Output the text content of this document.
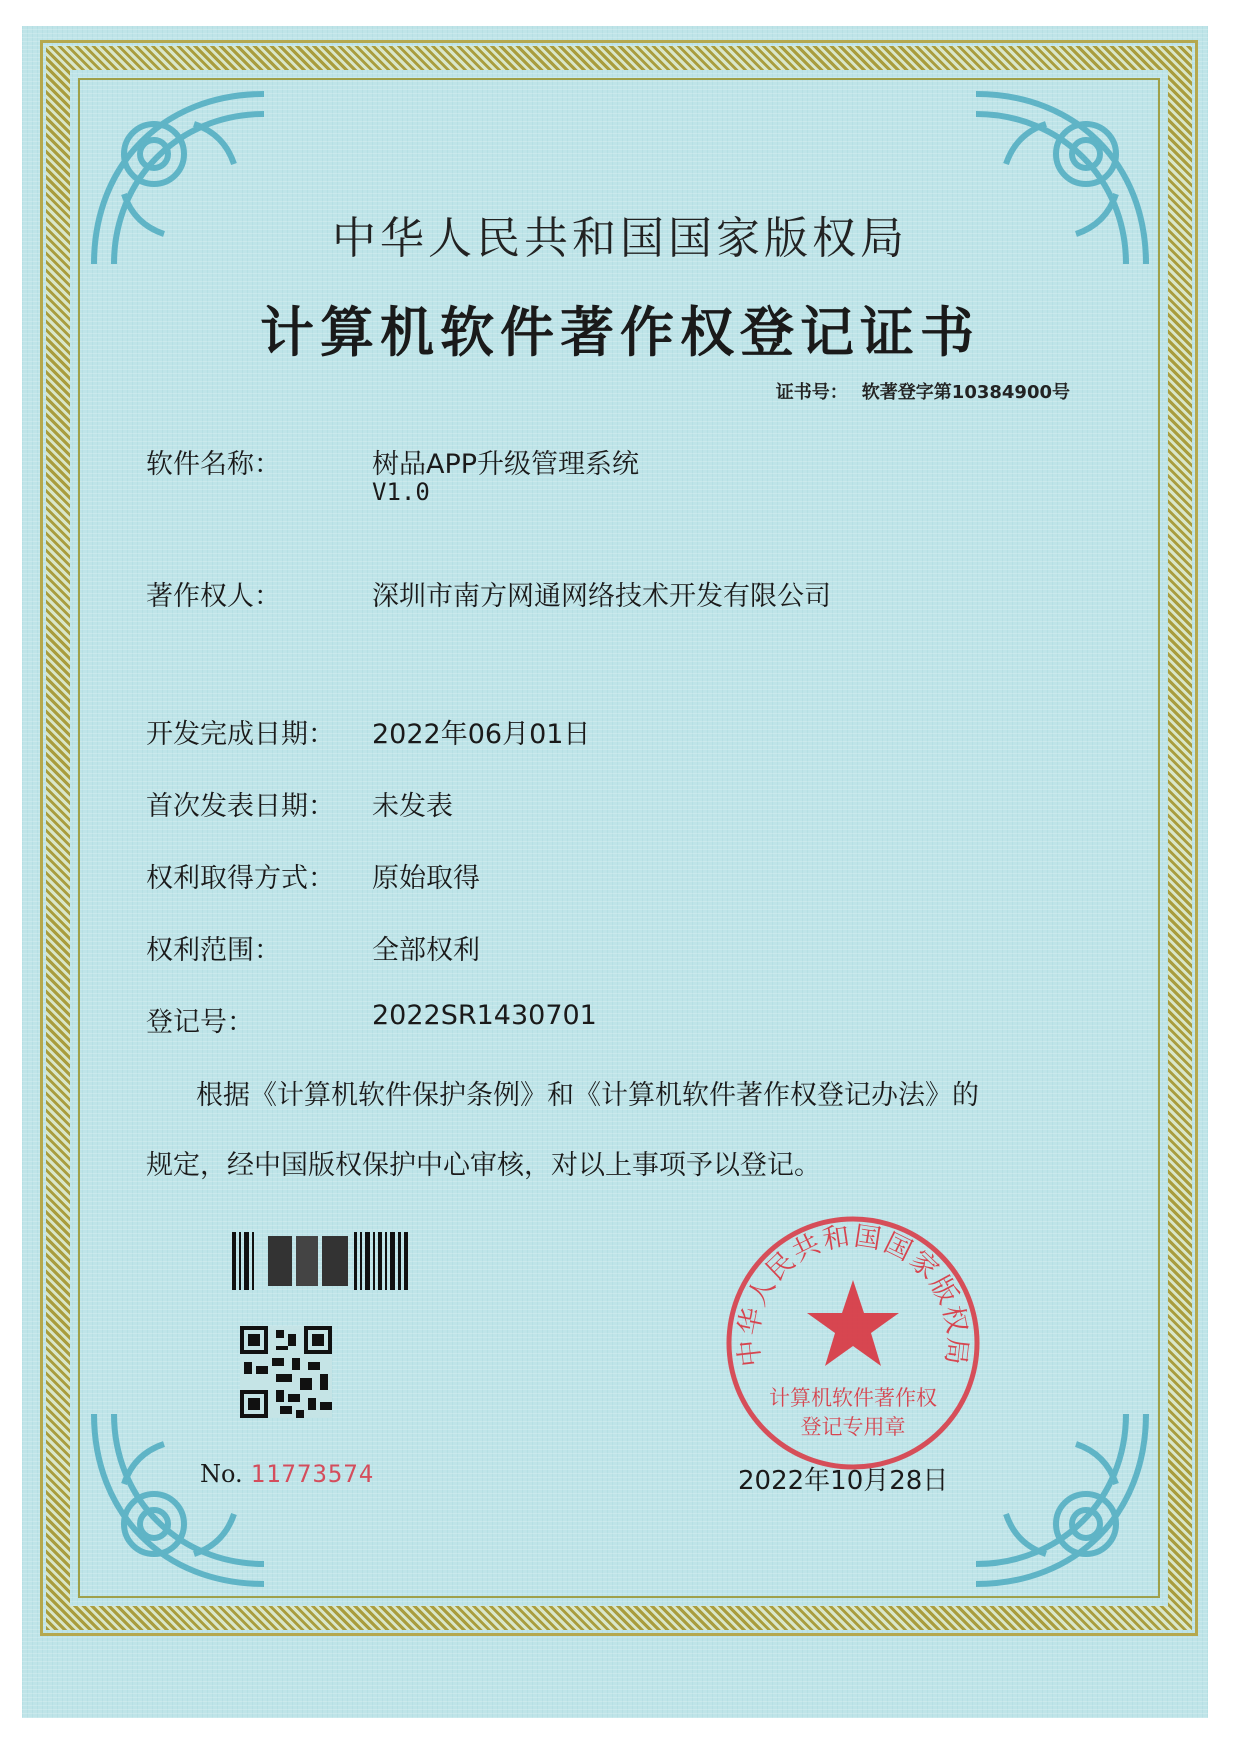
中华人民共和国国家版权局
计算机软件著作权登记证书
证书号： 软著登字第10384900号
软件名称：	树品APP升级管理系统
V1.0
著作权人：	深圳市南方网通网络技术开发有限公司
开发完成日期： 2022年06月01日
首次发表日期： 未发表
权利取得方式： 原始取得
权利范围：	全部权利
登记号：	2022SR1430701
根据《计算机软件保护条例》和《计算机软件著作权登记办法》的
规定，经中国版权保护中心审核，对以上事项予以登记。
No. 11773574
中华人民共和国国家版权局
计算机软件著作权
登记专用章
2022年10月28日
